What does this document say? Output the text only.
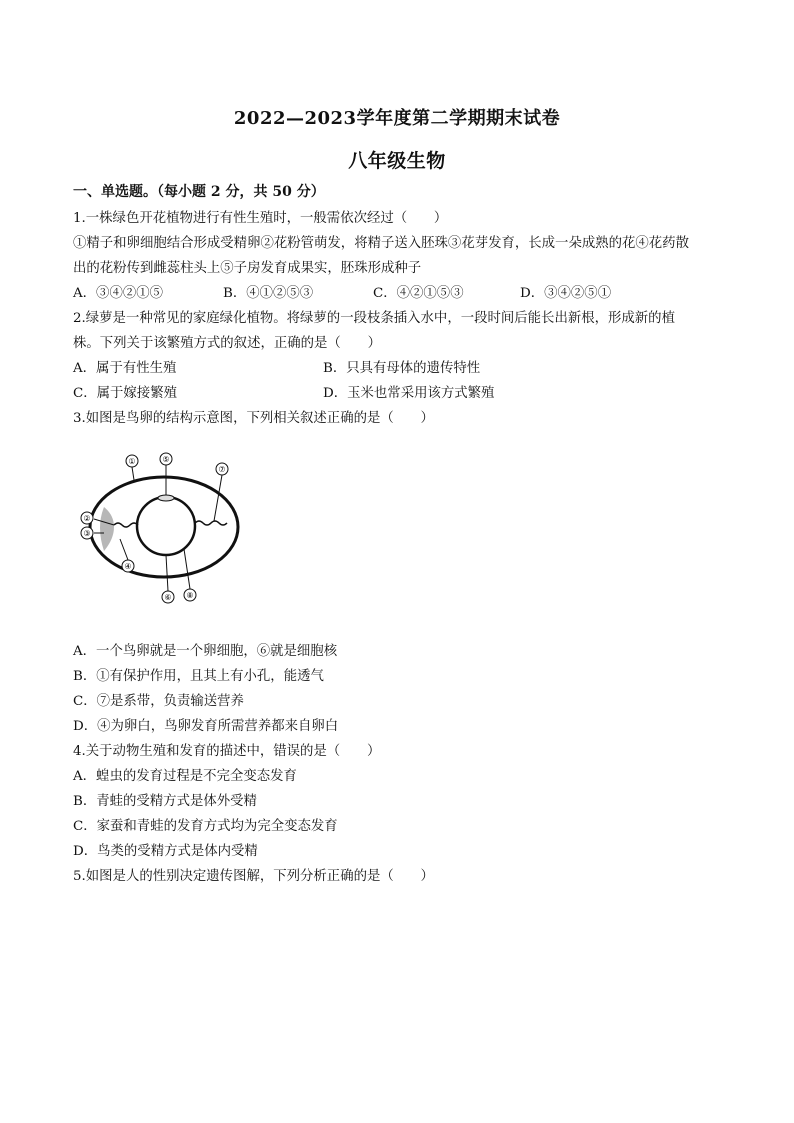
2022—2023学年度第二学期期末试卷
八年级生物
一、单选题。（每小题 2 分，共 50 分）
1.一株绿色开花植物进行有性生殖时，一般需依次经过（　　）
①精子和卵细胞结合形成受精卵②花粉管萌发，将精子送入胚珠③花芽发育，长成一朵成熟的花④花药散
出的花粉传到雌蕊柱头上⑤子房发育成果实，胚珠形成种子
A．③④②①⑤	B．④①②⑤③	C．④②①⑤③	D．③④②⑤①
2.绿萝是一种常见的家庭绿化植物。将绿萝的一段枝条插入水中，一段时间后能长出新根，形成新的植
株。下列关于该繁殖方式的叙述，正确的是（　　）
A．属于有性生殖	B．只具有母体的遗传特性
C．属于嫁接繁殖	D．玉米也常采用该方式繁殖
3.如图是鸟卵的结构示意图，下列相关叙述正确的是（　　）
①	⑤
⑦
②
③
④
⑥ ⑧
A．一个鸟卵就是一个卵细胞，⑥就是细胞核
B．①有保护作用，且其上有小孔，能透气
C．⑦是系带，负责输送营养
D．④为卵白，鸟卵发育所需营养都来自卵白
4.关于动物生殖和发育的描述中，错误的是（　　）
A．蝗虫的发育过程是不完全变态发育
B．青蛙的受精方式是体外受精
C．家蚕和青蛙的发育方式均为完全变态发育
D．鸟类的受精方式是体内受精
5.如图是人的性别决定遗传图解，下列分析正确的是（　　）
